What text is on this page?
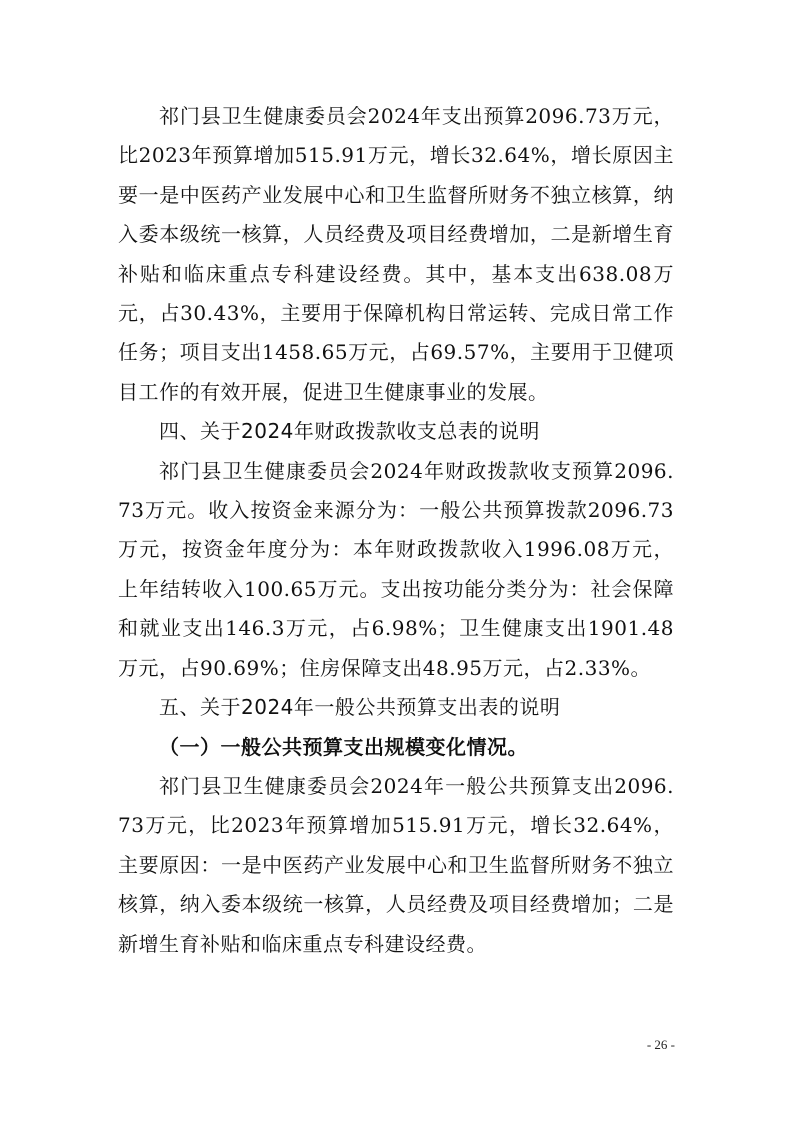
祁门县卫生健康委员会2024年支出预算2096.73万元，比2023年预算增加515.91万元，增长32.64%，增长原因主要一是中医药产业发展中心和卫生监督所财务不独立核算，纳入委本级统一核算，人员经费及项目经费增加，二是新增生育补贴和临床重点专科建设经费。其中，基本支出638.08万元，占30.43%，主要用于保障机构日常运转、完成日常工作任务；项目支出1458.65万元，占69.57%，主要用于卫健项目工作的有效开展，促进卫生健康事业的发展。

四、关于2024年财政拨款收支总表的说明

祁门县卫生健康委员会2024年财政拨款收支预算2096.73万元。收入按资金来源分为：一般公共预算拨款2096.73万元，按资金年度分为：本年财政拨款收入1996.08万元，上年结转收入100.65万元。支出按功能分类分为：社会保障和就业支出146.3万元，占6.98%；卫生健康支出1901.48万元，占90.69%；住房保障支出48.95万元，占2.33%。

五、关于2024年一般公共预算支出表的说明

（一）一般公共预算支出规模变化情况。

祁门县卫生健康委员会2024年一般公共预算支出2096.73万元，比2023年预算增加515.91万元，增长32.64%，主要原因：一是中医药产业发展中心和卫生监督所财务不独立核算，纳入委本级统一核算，人员经费及项目经费增加；二是新增生育补贴和临床重点专科建设经费。

- 26 -
